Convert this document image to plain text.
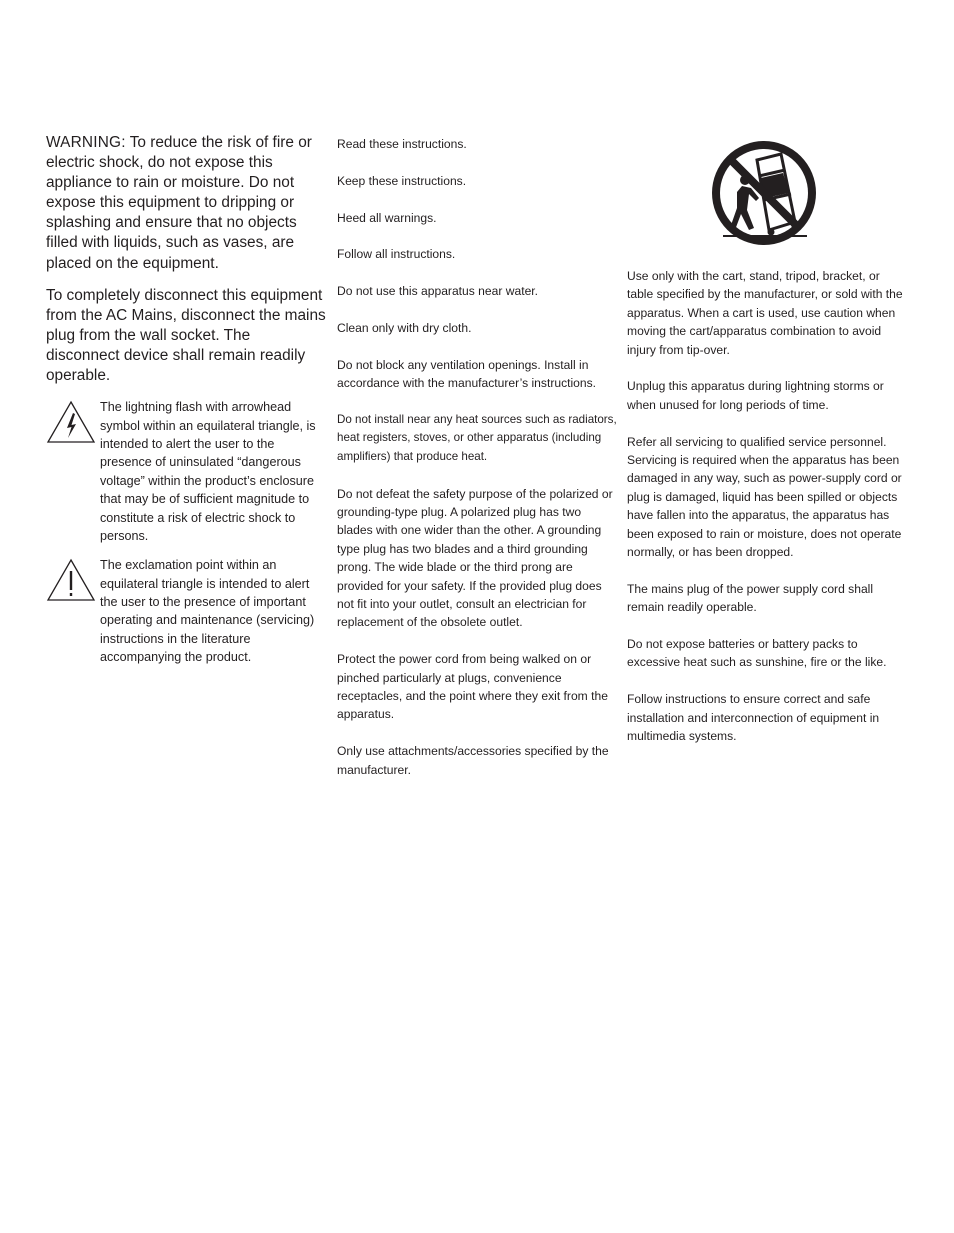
WARNING: To reduce the risk of fire or electric shock, do not expose this appliance to rain or moisture. Do not expose this equipment to dripping or splashing and ensure that no objects filled with liquids, such as vases, are placed on the equipment.

To completely disconnect this equipment from the AC Mains, disconnect the mains plug from the wall socket. The disconnect device shall remain readily operable.

The lightning flash with arrowhead symbol within an equilateral triangle, is intended to alert the user to the presence of uninsulated “dangerous voltage” within the product’s enclosure that may be of sufficient magnitude to constitute a risk of electric shock to persons.
The exclamation point within an equilateral triangle is intended to alert the user to the presence of important operating and maintenance (servicing) instructions in the literature accompanying the product.

Read these instructions.

Keep these instructions.

Heed all warnings.

Follow all instructions.

Do not use this apparatus near water.

Clean only with dry cloth.

Do not block any ventilation openings. Install in accordance with the manufacturer’s instructions.

Do not install near any heat sources such as radiators, heat registers, stoves, or other apparatus (including amplifiers) that produce heat.

Do not defeat the safety purpose of the polarized or grounding-type plug. A polarized plug has two blades with one wider than the other. A grounding type plug has two blades and a third grounding prong. The wide blade or the third prong are provided for your safety. If the provided plug does not fit into your outlet, consult an electrician for replacement of the obsolete outlet.

Protect the power cord from being walked on or pinched particularly at plugs, convenience receptacles, and the point where they exit from the apparatus.

Only use attachments/accessories specified by the manufacturer.

Use only with the cart, stand, tripod, bracket, or table specified by the manufacturer, or sold with the apparatus. When a cart is used, use caution when moving the cart/apparatus combination to avoid injury from tip-over.

Unplug this apparatus during lightning storms or when unused for long periods of time.

Refer all servicing to qualified service personnel. Servicing is required when the apparatus has been damaged in any way, such as power-supply cord or plug is damaged, liquid has been spilled or objects have fallen into the apparatus, the apparatus has been exposed to rain or moisture, does not operate normally, or has been dropped.

The mains plug of the power supply cord shall remain readily operable.

Do not expose batteries or battery packs to excessive heat such as sunshine, fire or the like.

Follow instructions to ensure correct and safe installation and interconnection of equipment in multimedia systems.
